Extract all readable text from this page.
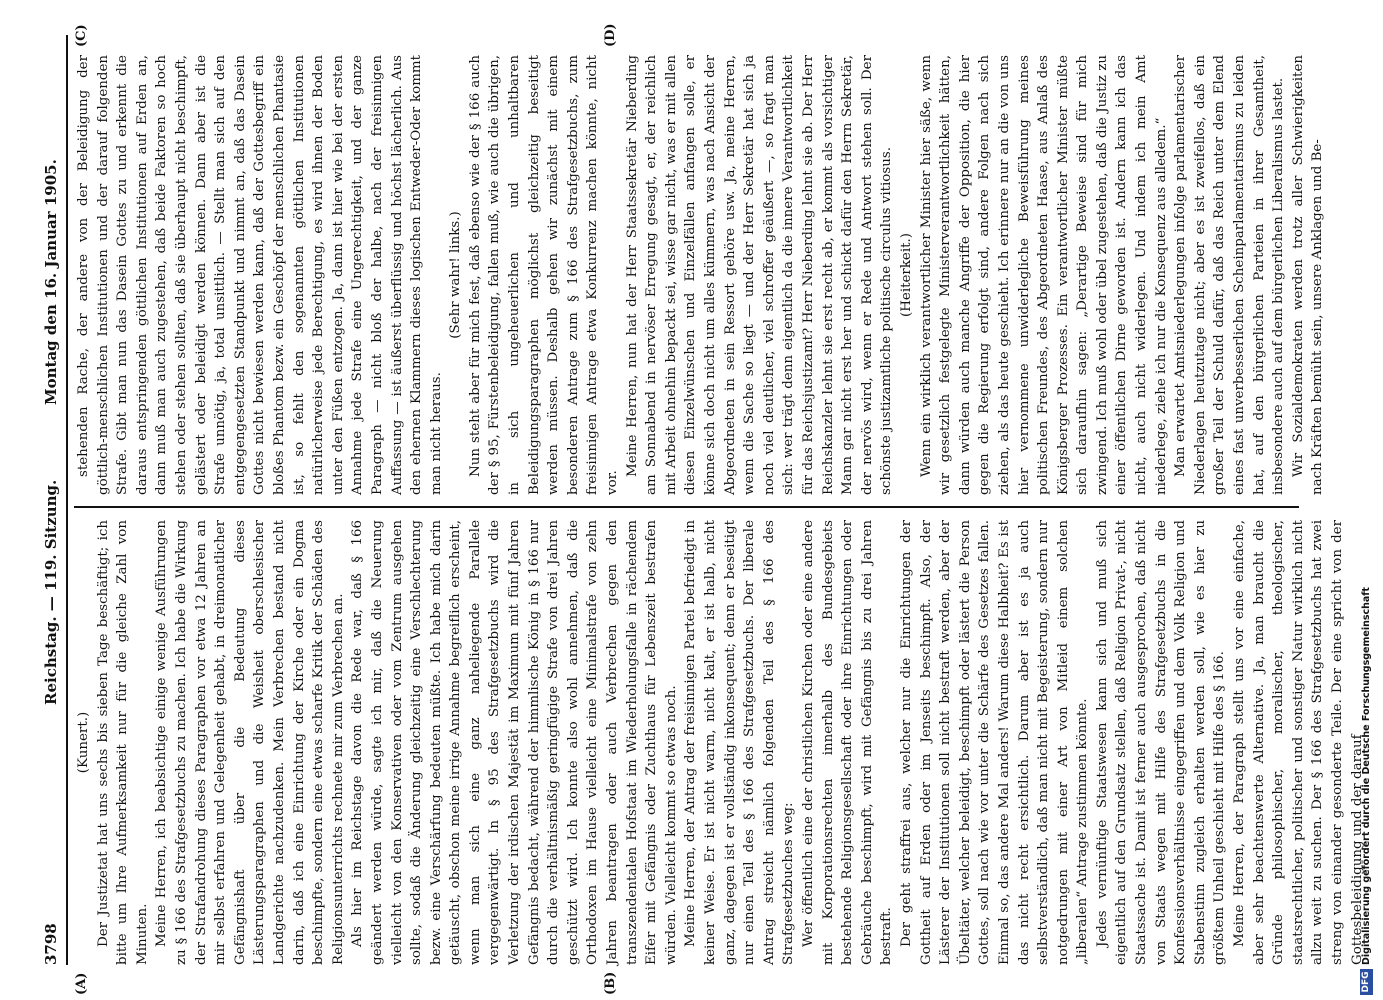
3798
Reichstag. — 119. Sitzung.
Montag den 16. Januar 1905.
(A)	(B)
(C)	(D)

(Kunert.) Der Justizetat hat uns sechs bis sieben Tage beschäftigt; ich bitte um Ihre Aufmerksamkeit nur für die gleiche Zahl von Minuten. Meine Herren, ich beabsichtige einige wenige Ausführungen zu § 166 des Strafgesetzbuchs zu machen. Ich habe die Wirkung der Strafandrohung dieses Paragraphen vor etwa 12 Jahren an mir selbst erfahren und Gelegenheit gehabt, in dreimonatlicher Gefängnishaft über die Bedeutung dieses Lästerungsparagraphen und die Weisheit oberschlesischer Landgerichte nachzudenken. Mein Verbrechen bestand nicht darin, daß ich eine Einrichtung der Kirche oder ein Dogma beschimpfte, sondern eine etwas scharfe Kritik der Schäden des Religionsunterrichts rechnete mir zum Verbrechen an. Als hier im Reichstage davon die Rede war, daß § 166 geändert werden würde, sagte ich mir, daß die Neuerung vielleicht von den Konservativen oder vom Zentrum ausgehen sollte, sodaß die Änderung gleichzeitig eine Verschlechterung bezw. eine Verschärfung bedeuten müßte. Ich habe mich darin getäuscht, obschon meine irrige Annahme begreiflich erscheint, wenn man sich eine ganz naheliegende Parallele vergegenwärtigt. In § 95 des Strafgesetzbuchs wird die Verletzung der irdischen Majestät im Maximum mit fünf Jahren Gefängnis bedacht, während der himmlische König in § 166 nur durch die verhältnismäßig geringfügige Strafe von drei Jahren geschützt wird. Ich konnte also wohl annehmen, daß die Orthodoxen im Hause vielleicht eine Minimalstrafe von zehn Jahren beantragen oder auch Verbrechen gegen den transzendentalen Hofstaat im Wiederholungsfalle in rächendem Eifer mit Gefängnis oder Zuchthaus für Lebenszeit bestrafen würden. Vielleicht kommt so etwas noch. Meine Herren, der Antrag der freisinnigen Partei befriedigt in keiner Weise. Er ist nicht warm, nicht kalt, er ist halb, nicht ganz, dagegen ist er vollständig inkonsequent; denn er beseitigt nur einen Teil des § 166 des Strafgesetzbuchs. Der liberale Antrag streicht nämlich folgenden Teil des § 166 des Strafgesetzbuches weg: Wer öffentlich eine der christlichen Kirchen oder eine andere mit Korporationsrechten innerhalb des Bundesgebiets bestehende Religionsgesellschaft oder ihre Einrichtungen oder Gebräuche beschimpft, wird mit Gefängnis bis zu drei Jahren bestraft. Der geht straffrei aus, welcher nur die Einrichtungen der Gottheit auf Erden oder im Jenseits beschimpft. Also, der Lästerer der Institutionen soll nicht bestraft werden, aber der Übeltäter, welcher beleidigt, beschimpft oder lästert die Person Gottes, soll nach wie vor unter die Schärfe des Gesetzes fallen. Einmal so, das andere Mal anders! Warum diese Halbheit? Es ist das nicht recht ersichtlich. Darum aber ist es ja auch selbstverständlich, daß man nicht mit Begeisterung, sondern nur notgedrungen mit einer Art von Mitleid einem solchen „liberalen“ Antrage zustimmen könnte. Jedes vernünftige Staatswesen kann sich und muß sich eigentlich auf den Grundsatz stellen, daß Religion Privat-, nicht Staatssache ist. Damit ist ferner auch ausgesprochen, daß nicht von Staats wegen mit Hilfe des Strafgesetzbuchs in die Konfessionsverhältnisse eingegriffen und dem Volk Religion und Stabenstinn zugleich erhalten werden soll, wie es hier zu größtem Unheil geschieht mit Hilfe des § 166. Meine Herren, der Paragraph stellt uns vor eine einfache, aber sehr beachtenswerte Alternative. Ja, man braucht die Gründe philosophischer, moralischer, theologischer, staatsrechtlicher, politischer und sonstiger Natur wirklich nicht allzu weit zu suchen. Der § 166 des Strafgesetzbuchs hat zwei streng von einander gesonderte Teile. Der eine spricht von der Gottesbeleidigung und der darauf

stehenden Rache, der andere von der Beleidigung der göttlich-menschlichen Institutionen und der darauf folgenden Strafe. Gibt man nun das Dasein Gottes zu und erkennt die daraus entspringenden göttlichen Institutionen auf Erden an, dann muß man auch zugestehen, daß beide Faktoren so hoch stehen oder stehen sollten, daß sie überhaupt nicht beschimpft, gelästert oder beleidigt werden können. Dann aber ist die Strafe unnötig, ja, total unsittlich. — Stellt man sich auf den entgegengesetzten Standpunkt und nimmt an, daß das Dasein Gottes nicht bewiesen werden kann, daß der Gottesbegriff ein bloßes Phantom bezw. ein Geschöpf der menschlichen Phantasie ist, so fehlt den sogenannten göttlichen Institutionen natürlicherweise jede Berechtigung, es wird ihnen der Boden unter den Füßen entzogen. Ja, dann ist hier wie bei der ersten Annahme jede Strafe eine Ungerechtigkeit, und der ganze Paragraph — nicht bloß der halbe, nach der freisinnigen Auffassung — ist äußerst überflüssig und höchst lächerlich. Aus den ehernen Klammern dieses logischen Entweder-Oder kommt man nicht heraus.

(Sehr wahr! links.) Nun steht aber für mich fest, daß ebenso wie der § 166 auch der § 95, Fürstenbeleidigung, fallen muß, wie auch die übrigen, in sich ungeheuerlichen und unhaltbaren Beleidigungsparagraphen möglichst gleichzeitig beseitigt werden müssen. Deshalb gehen wir zunächst mit einem besonderen Antrage zum § 166 des Strafgesetzbuchs, zum freisinnigen Antrage etwa Konkurrenz machen könnte, nicht vor.

Meine Herren, nun hat der Herr Staatssekretär Nieberding am Sonnabend in nervöser Erregung gesagt, er, der reichlich mit Arbeit ohnehin bepackt sei, wisse gar nicht, was er mit allen diesen Einzelwünschen und Einzelfällen anfangen solle, er könne sich doch nicht um alles kümmern, was nach Ansicht der Abgeordneten in sein Ressort gehöre usw. Ja, meine Herren, wenn die Sache so liegt — und der Herr Sekretär hat sich ja noch viel deutlicher, viel schroffer geäußert —, so fragt man sich: wer trägt denn eigentlich da die innere Verantwortlichkeit für das Reichsjustizamt? Herr Nieberding lehnt sie ab. Der Herr Reichskanzler lehnt sie erst recht ab, er kommt als vorsichtiger Mann gar nicht erst her und schickt dafür den Herrn Sekretär, der nervös wird, wenn er Rede und Antwort stehen soll. Der schönste justizamtliche politische circulus vitiosus. (Heiterkeit.) Wenn ein wirklich verantwortlicher Minister hier säße, wenn wir gesetzlich festgelegte Ministerverantwortlichkeit hätten, dann würden auch manche Angriffe der Opposition, die hier gegen die Regierung erfolgt sind, andere Folgen nach sich ziehen, als das heute geschieht. Ich erinnere nur an die von uns hier vernommene unwiderlegliche Beweisführung meines politischen Freundes, des Abgeordneten Haase, aus Anlaß des Königsberger Prozesses. Ein verantwortlicher Minister müßte sich daraufhin sagen: „Derartige Beweise sind für mich zwingend. Ich muß wohl oder übel zugestehen, daß die Justiz zu einer öffentlichen Dirne geworden ist. Andern kann ich das nicht, auch nicht widerlegen. Und indem ich mein Amt niederlege, ziehe ich nur die Konsequenz aus alledem.“ Man erwartet Amtsniederlegungen infolge parlamentarischer Niederlagen heutzutage nicht; aber es ist zweifellos, daß ein großer Teil der Schuld dafür, daß das Reich unter dem Elend eines fast unverbesserlichen Scheinparlamentarismus zu leiden hat, auf den bürgerlichen Parteien in ihrer Gesamtheit, insbesondere auch auf dem bürgerlichen Liberalismus lastet. Wir Sozialdemokraten werden trotz aller Schwierigkeiten nach Kräften bemüht sein, unsere Anklagen und Be-

DFG
Digitalisierung gefördert durch die Deutsche Forschungsgemeinschaft
